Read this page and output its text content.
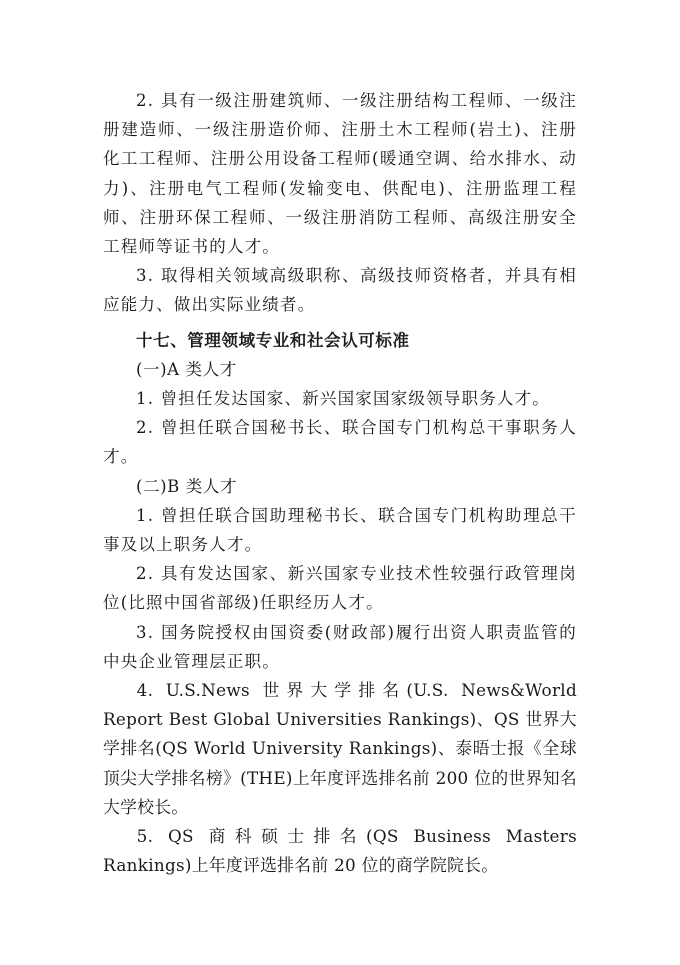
2. 具有一级注册建筑师、一级注册结构工程师、一级注册建造师、一级注册造价师、注册土木工程师(岩土)、注册化工工程师、注册公用设备工程师(暖通空调、给水排水、动力)、注册电气工程师(发输变电、供配电)、注册监理工程师、注册环保工程师、一级注册消防工程师、高级注册安全工程师等证书的人才。

3. 取得相关领域高级职称、高级技师资格者，并具有相应能力、做出实际业绩者。

十七、管理领域专业和社会认可标准

(一)A 类人才

1. 曾担任发达国家、新兴国家国家级领导职务人才。

2. 曾担任联合国秘书长、联合国专门机构总干事职务人才。

(二)B 类人才

1. 曾担任联合国助理秘书长、联合国专门机构助理总干事及以上职务人才。

2. 具有发达国家、新兴国家专业技术性较强行政管理岗位(比照中国省部级)任职经历人才。

3. 国务院授权由国资委(财政部)履行出资人职责监管的中央企业管理层正职。

4. U.S.News 世界大学排名(U.S. News&World Report Best Global Universities Rankings)、QS 世界大学排名(QS World University Rankings)、泰晤士报《全球顶尖大学排名榜》(THE)上年度评选排名前 200 位的世界知名大学校长。

5. QS 商科硕士排名(QS Business Masters Rankings)上年度评选排名前 20 位的商学院院长。
